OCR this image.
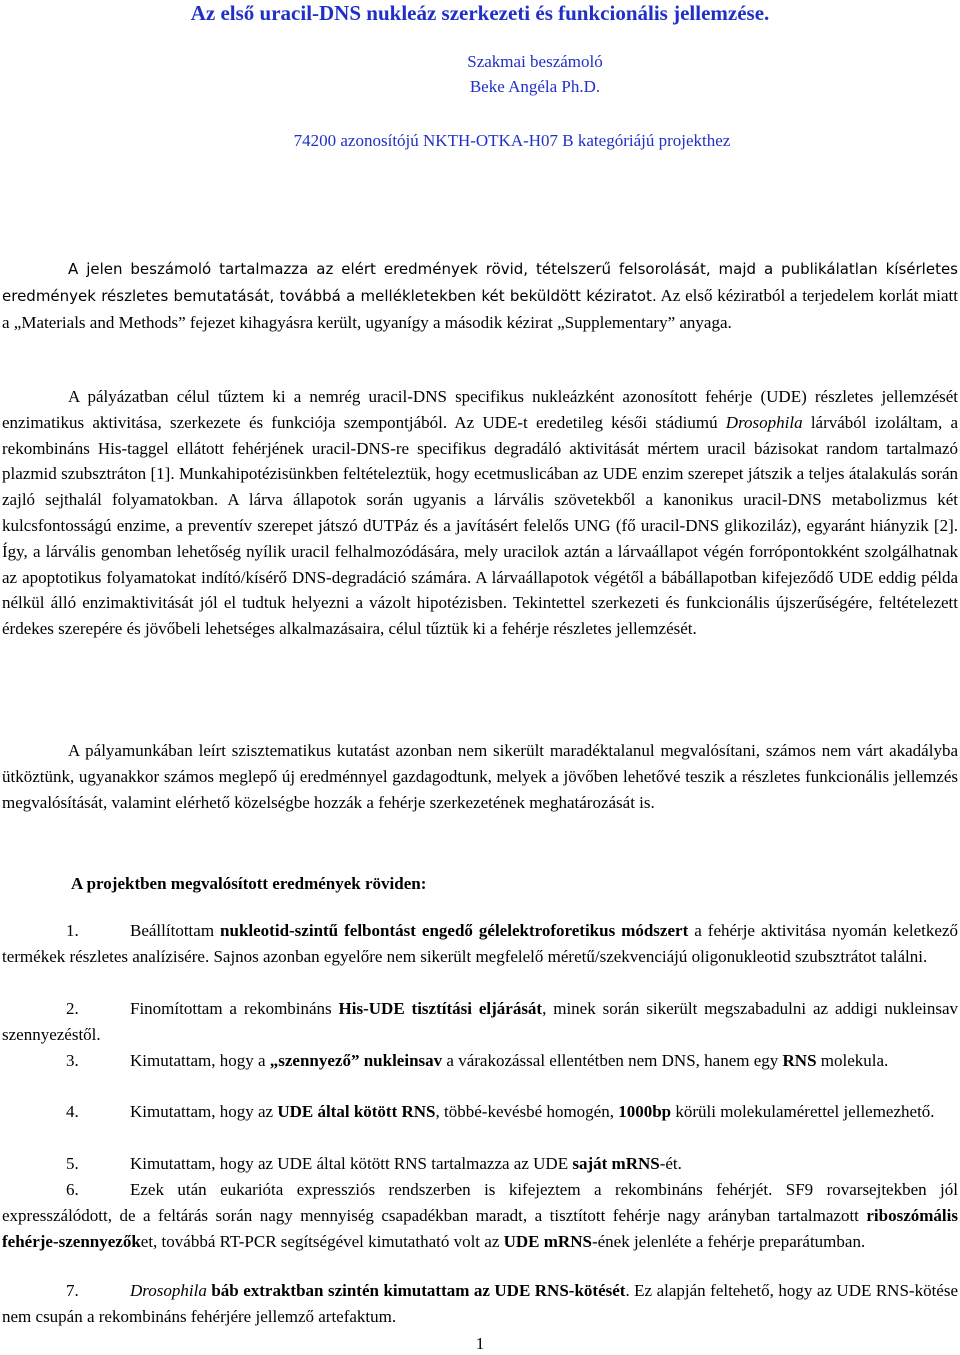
Az első uracil-DNS nukleáz szerkezeti és funkcionális jellemzése.
Szakmai beszámoló
Beke Angéla Ph.D.
74200 azonosítójú NKTH-OTKA-H07 B kategóriájú projekthez

A jelen beszámoló tartalmazza az elért eredmények rövid, tételszerű felsorolását, majd a publikálatlan kísérletes eredmények részletes bemutatását, továbbá a mellékletekben két beküldött kéziratot. Az első kéziratból a terjedelem korlát miatt a „Materials and Methods” fejezet kihagyásra került, ugyanígy a második kézirat „Supplementary” anyaga.

A pályázatban célul tűztem ki a nemrég uracil-DNS specifikus nukleázként azonosított fehérje (UDE) részletes jellemzését enzimatikus aktivitása, szerkezete és funkciója szempontjából. Az UDE-t eredetileg késői stádiumú Drosophila lárvából izoláltam, a rekombináns His-taggel ellátott fehérjének uracil-DNS-re specifikus degradáló aktivitását mértem uracil bázisokat random tartalmazó plazmid szubsztráton [1]. Munkahipotézisünkben feltételeztük, hogy ecetmuslicában az UDE enzim szerepet játszik a teljes átalakulás során zajló sejthalál folyamatokban. A lárva állapotok során ugyanis a lárvális szövetekből a kanonikus uracil-DNS metabolizmus két kulcsfontosságú enzime, a preventív szerepet játszó dUTPáz és a javításért felelős UNG (fő uracil-DNS glikoziláz), egyaránt hiányzik [2]. Így, a lárvális genomban lehetőség nyílik uracil felhalmozódására, mely uracilok aztán a lárvaállapot végén forrópontokként szolgálhatnak az apoptotikus folyamatokat indító/kísérő DNS-degradáció számára. A lárvaállapotok végétől a bábállapotban kifejeződő UDE eddig példa nélkül álló enzimaktivitását jól el tudtuk helyezni a vázolt hipotézisben. Tekintettel szerkezeti és funkcionális újszerűségére, feltételezett érdekes szerepére és jövőbeli lehetséges alkalmazásaira, célul tűztük ki a fehérje részletes jellemzését.

A pályamunkában leírt szisztematikus kutatást azonban nem sikerült maradéktalanul megvalósítani, számos nem várt akadályba ütköztünk, ugyanakkor számos meglepő új eredménnyel gazdagodtunk, melyek a jövőben lehetővé teszik a részletes funkcionális jellemzés megvalósítását, valamint elérhető közelségbe hozzák a fehérje szerkezetének meghatározását is.

A projektben megvalósított eredmények röviden:
1.	Beállítottam nukleotid-szintű felbontást engedő gélelektroforetikus módszert a fehérje aktivitása nyomán keletkező termékek részletes analízisére. Sajnos azonban egyelőre nem sikerült megfelelő méretű/szekvenciájú oligonukleotid szubsztrátot találni.
2.	Finomítottam a rekombináns His-UDE tisztítási eljárását, minek során sikerült megszabadulni az addigi nukleinsav szennyezéstől.
3.	Kimutattam, hogy a „szennyező” nukleinsav a várakozással ellentétben nem DNS, hanem egy RNS molekula.
4.	Kimutattam, hogy az UDE által kötött RNS, többé-kevésbé homogén, 1000bp körüli molekulamérettel jellemezhető.
5.	Kimutattam, hogy az UDE által kötött RNS tartalmazza az UDE saját mRNS-ét.
6.	Ezek után eukarióta expressziós rendszerben is kifejeztem a rekombináns fehérjét. SF9 rovarsejtekben jól expresszálódott, de a feltárás során nagy mennyiség csapadékban maradt, a tisztított fehérje nagy arányban tartalmazott riboszómális fehérje-szennyezőket, továbbá RT-PCR segítségével kimutatható volt az UDE mRNS-ének jelenléte a fehérje preparátumban.
7.	Drosophila báb extraktban szintén kimutattam az UDE RNS-kötését. Ez alapján feltehető, hogy az UDE RNS-kötése nem csupán a rekombináns fehérjére jellemző artefaktum.
1
